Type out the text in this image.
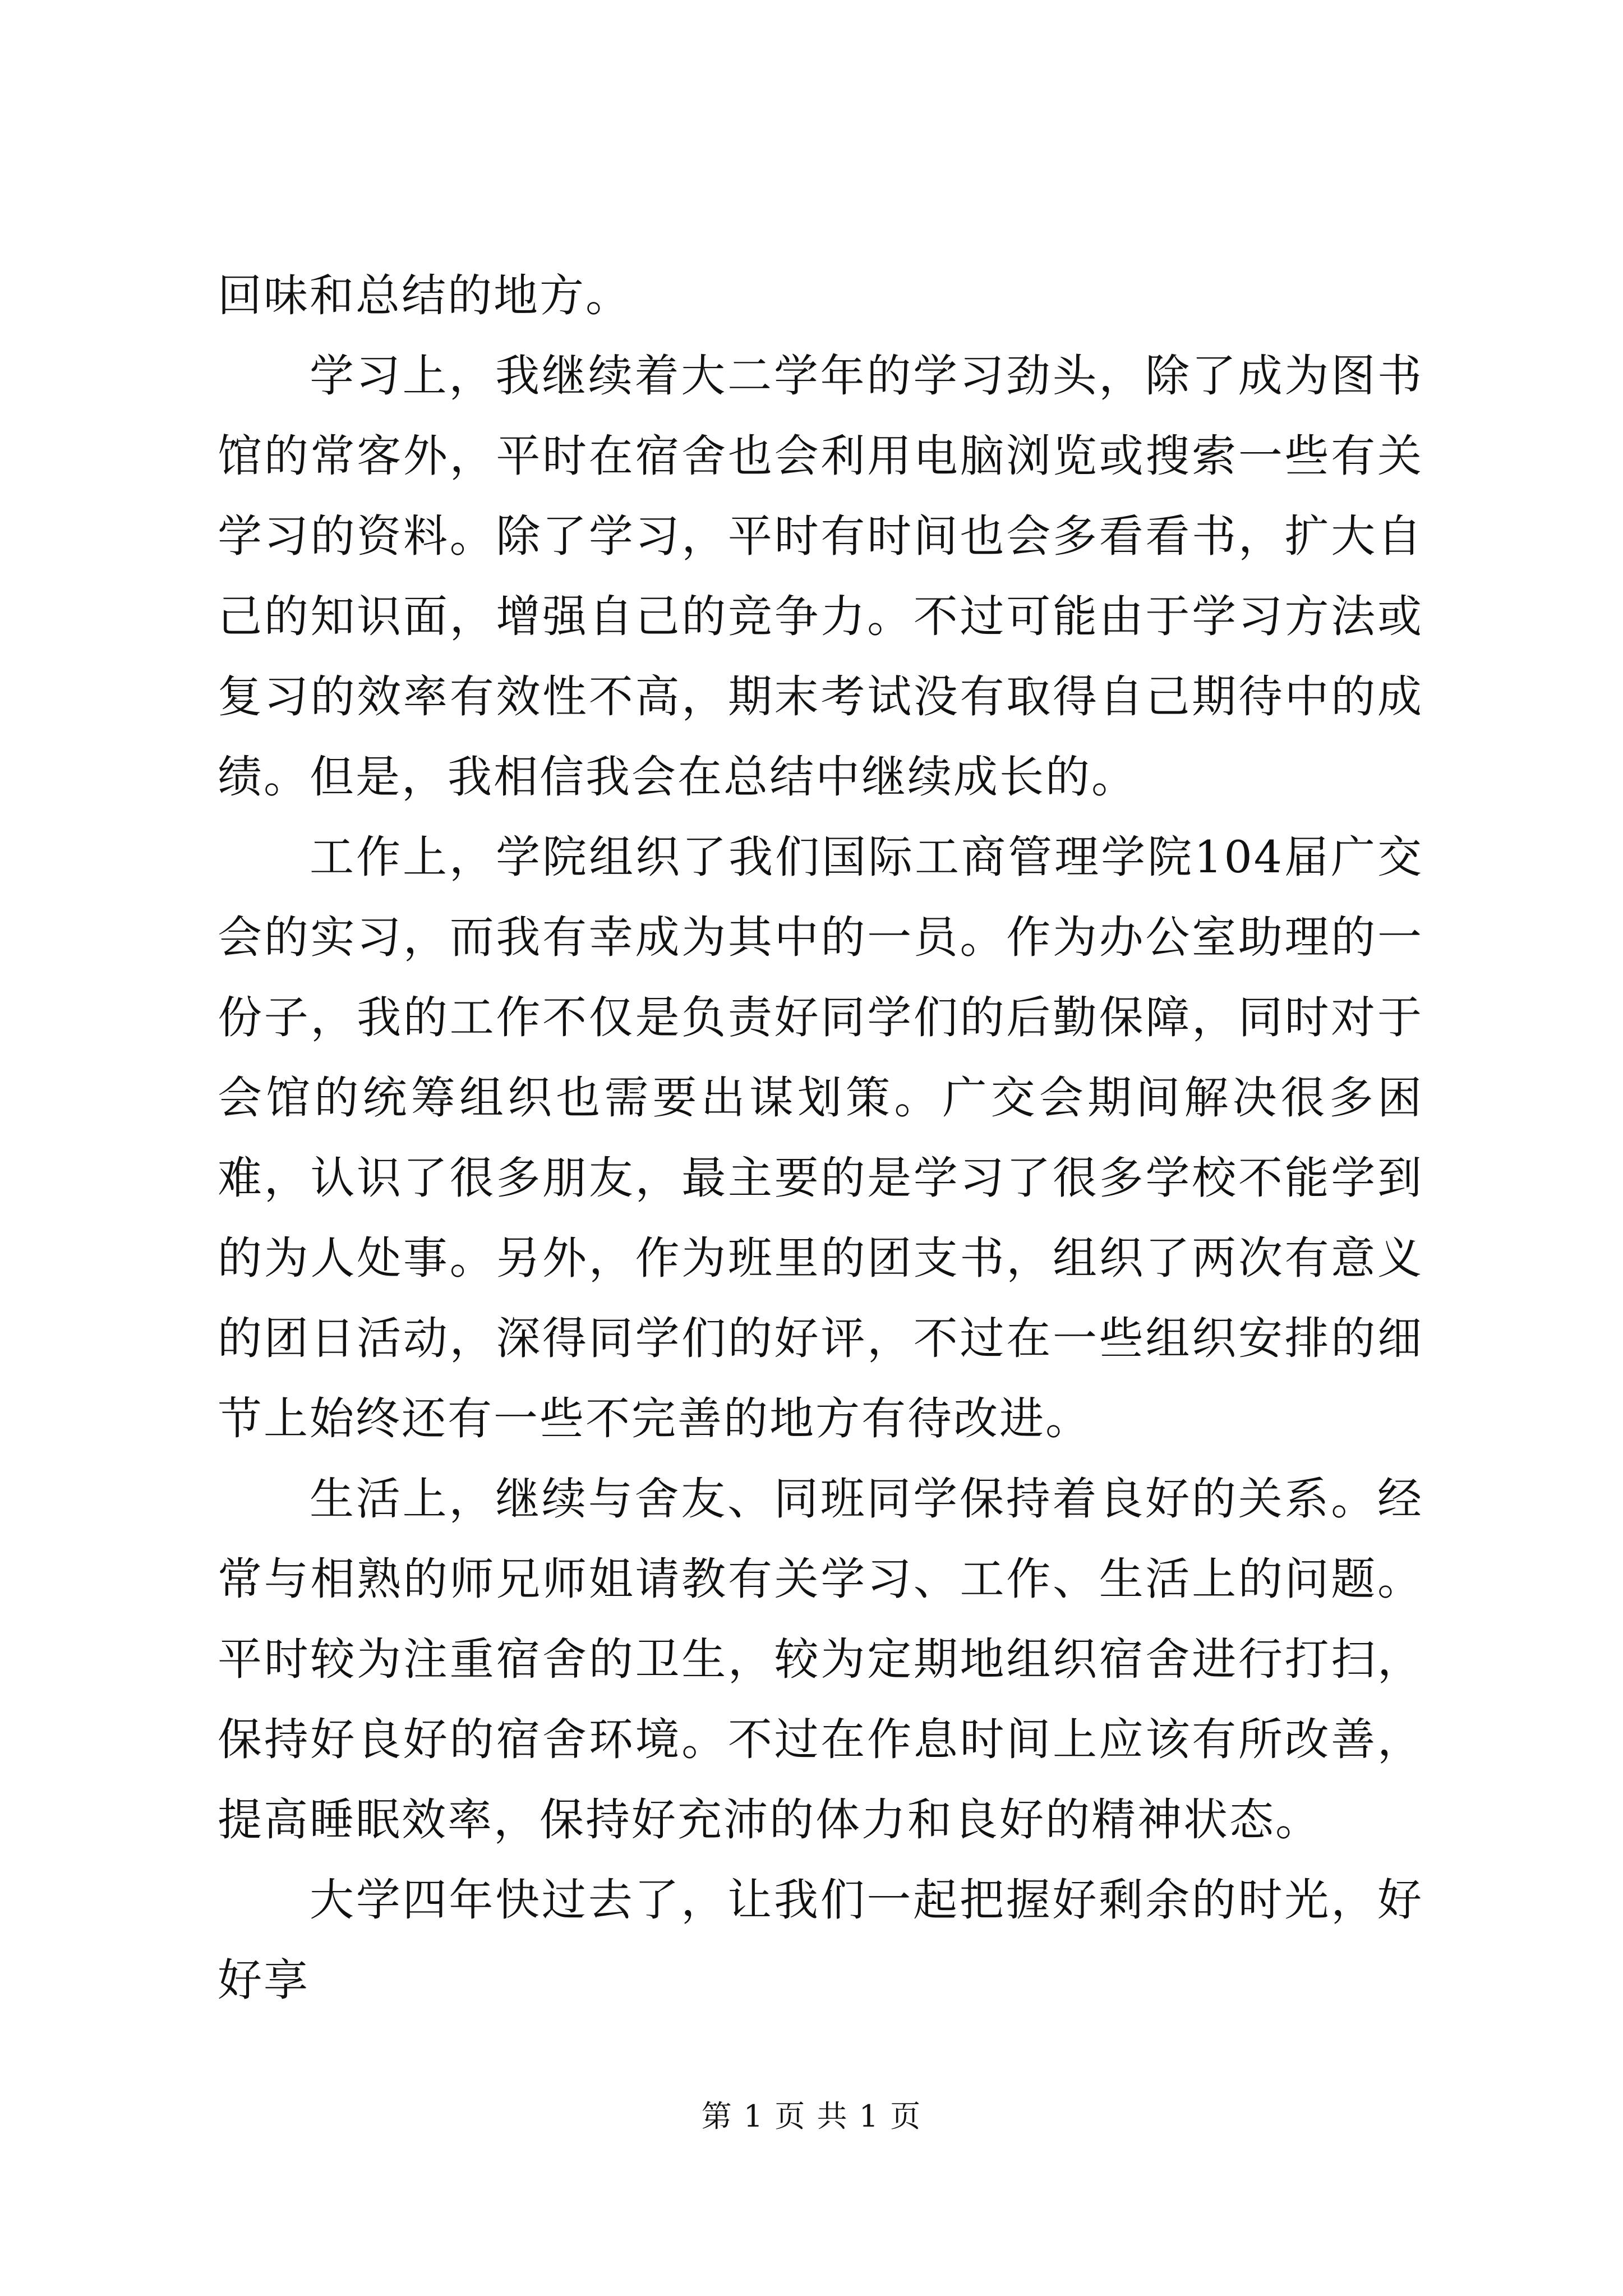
回味和总结的地方。

学习上，我继续着大二学年的学习劲头，除了成为图书馆的常客外，平时在宿舍也会利用电脑浏览或搜索一些有关学习的资料。除了学习，平时有时间也会多看看书，扩大自己的知识面，增强自己的竞争力。不过可能由于学习方法或复习的效率有效性不高，期末考试没有取得自己期待中的成绩。但是，我相信我会在总结中继续成长的。

工作上，学院组织了我们国际工商管理学院104届广交会的实习，而我有幸成为其中的一员。作为办公室助理的一份子，我的工作不仅是负责好同学们的后勤保障，同时对于会馆的统筹组织也需要出谋划策。广交会期间解决很多困难，认识了很多朋友，最主要的是学习了很多学校不能学到的为人处事。另外，作为班里的团支书，组织了两次有意义的团日活动，深得同学们的好评，不过在一些组织安排的细节上始终还有一些不完善的地方有待改进。

生活上，继续与舍友、同班同学保持着良好的关系。经常与相熟的师兄师姐请教有关学习、工作、生活上的问题。平时较为注重宿舍的卫生，较为定期地组织宿舍进行打扫，保持好良好的宿舍环境。不过在作息时间上应该有所改善，提高睡眠效率，保持好充沛的体力和良好的精神状态。

大学四年快过去了，让我们一起把握好剩余的时光，好好享

第 1 页 共 1 页
